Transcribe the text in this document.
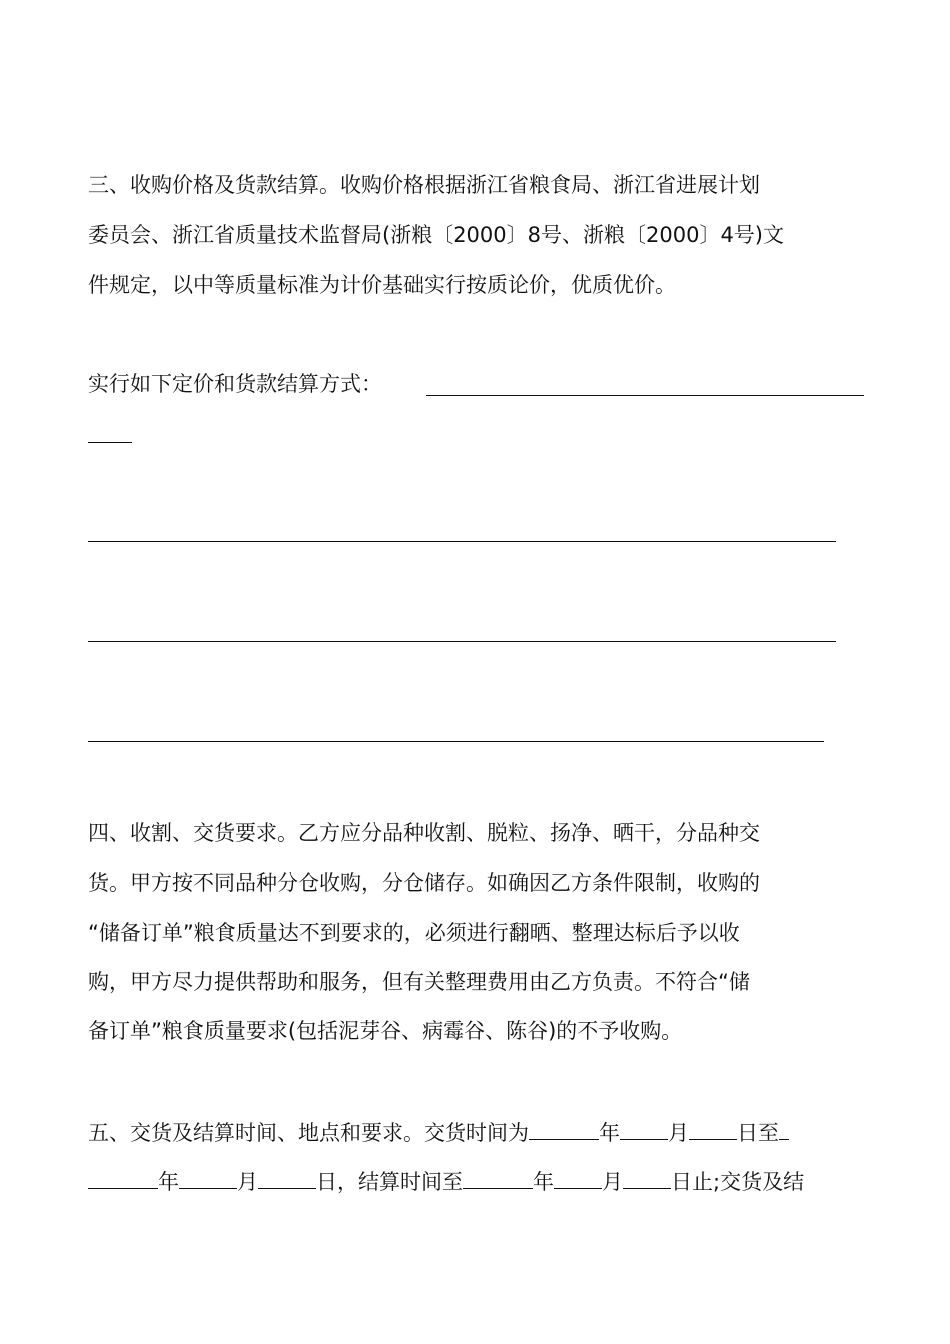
三、收购价格及货款结算。收购价格根据浙江省粮食局、浙江省进展计划
委员会、浙江省质量技术监督局(浙粮〔2000〕8号、浙粮〔2000〕4号)文
件规定，以中等质量标准为计价基础实行按质论价，优质优价。
实行如下定价和货款结算方式：
四、收割、交货要求。乙方应分品种收割、脱粒、扬净、晒干，分品种交
货。甲方按不同品种分仓收购，分仓储存。如确因乙方条件限制，收购的
“储备订单”粮食质量达不到要求的，必须进行翻晒、整理达标后予以收
购，甲方尽力提供帮助和服务，但有关整理费用由乙方负责。不符合“储
备订单”粮食质量要求(包括泥芽谷、病霉谷、陈谷)的不予收购。
五、交货及结算时间、地点和要求。交货时间为	年 月 日至
年	月	日，结算时间至	年 月 日止;交货及结
